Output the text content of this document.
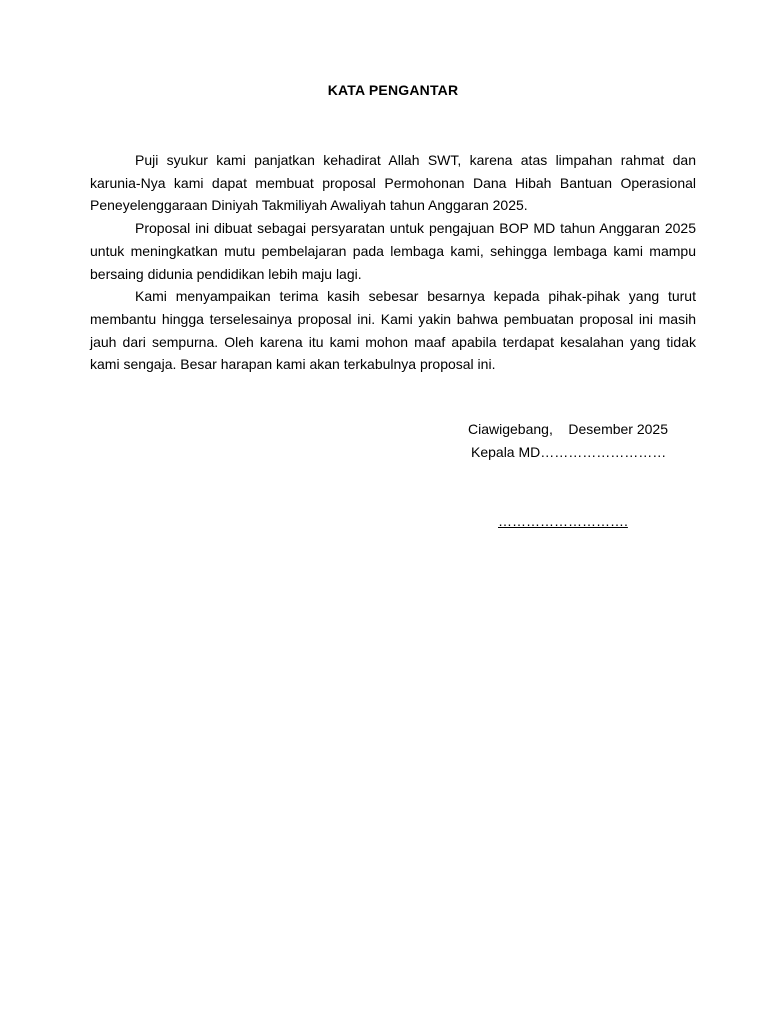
KATA PENGANTAR

Puji syukur kami panjatkan kehadirat Allah SWT, karena atas limpahan rahmat dan karunia-Nya kami dapat membuat proposal Permohonan Dana Hibah Bantuan Operasional Peneyelenggaraan Diniyah Takmiliyah Awaliyah tahun Anggaran 2025.

Proposal ini dibuat sebagai persyaratan untuk pengajuan BOP MD tahun Anggaran 2025 untuk meningkatkan mutu pembelajaran pada lembaga kami, sehingga lembaga kami mampu bersaing didunia pendidikan lebih maju lagi.

Kami menyampaikan terima kasih sebesar besarnya kepada pihak-pihak yang turut membantu hingga terselesainya proposal ini. Kami yakin bahwa pembuatan proposal ini masih jauh dari sempurna. Oleh karena itu kami mohon maaf apabila terdapat kesalahan yang tidak kami sengaja. Besar harapan kami akan terkabulnya proposal ini.

Ciawigebang,    Desember 2025
Kepala MD………………………
……………………….
